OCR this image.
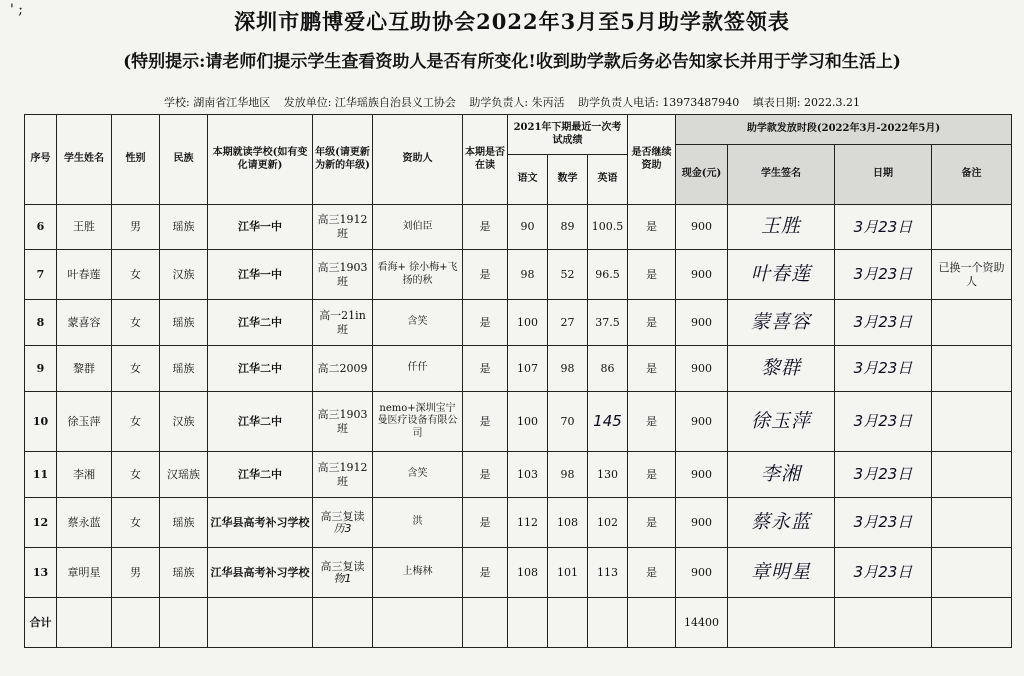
' ;	深圳市鹏博爱心互助协会2022年3月至5月助学款签领表
(特别提示:请老师们提示学生查看资助人是否有所变化!收到助学款后务必告知家长并用于学习和生活上)
学校: 湖南省江华地区 发放单位: 江华瑶族自治县义工协会 助学负责人: 朱丙活 助学负责人电话: 13973487940 填表日期: 2022.3.21
序号	学生姓名	性别	民族	本期就读学校(如有变化请更新)	年级(请更新为新的年级)	资助人	本期是否在读	2021年下期最近一次考试成绩			是否继续资助	助学款发放时段(2022年3月-2022年5月)			
												现金(元)	学生签名	日期	备注
								语文	数学	英语					
6	王胜	男	瑶族	江华一中	高三1912班	刘伯臣	是	90	89	100.5	是	900	王胜	3月23日	
7	叶春莲	女	汉族	江华一中	高三1903班	看海+ 徐小梅+飞扬的秋	是	98	52	96.5	是	900	叶春莲	3月23日	已换一个资助人
8	蒙喜容	女	瑶族	江华二中	高一21in班	含笑	是	100	27	37.5	是	900	蒙喜容	3月23日	
9	黎群	女	瑶族	江华二中	高二2009	仟仟	是	107	98	86	是	900	黎群	3月23日	
10	徐玉萍	女	汉族	江华二中	高三1903班	nemo+深圳宝宁曼医疗设备有限公司	是	100	70	145	是	900	徐玉萍	3月23日	
11	李湘	女	汉瑶族	江华二中	高三1912班	含笑	是	103	98	130	是	900	李湘	3月23日	
12	蔡永蓝	女	瑶族	江华县高考补习学校	高三复读
历3	洪	是	112	108	102	是	900	蔡永蓝	3月23日	
13	章明星	男	瑶族	江华县高考补习学校	高三复读
物1	上梅林	是	108	101	113	是	900	章明星	3月23日	
合计												14400			
